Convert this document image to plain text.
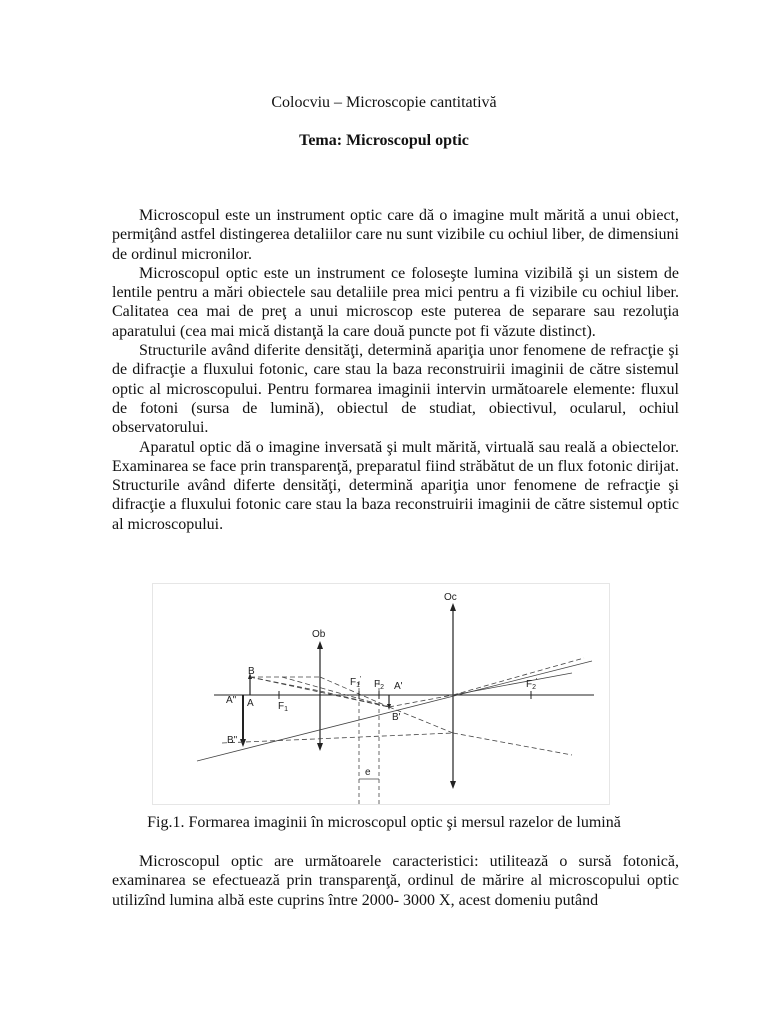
Colocviu – Microscopie cantitativă
Tema: Microscopul optic

Microscopul este un instrument optic care dă o imagine mult mărită a unui obiect, permiţând astfel distingerea detaliilor care nu sunt vizibile cu ochiul liber, de dimensiuni de ordinul micronilor.

Microscopul optic este un instrument ce foloseşte lumina vizibilă şi un sistem de lentile pentru a mări obiectele sau detaliile prea mici pentru a fi vizibile cu ochiul liber. Calitatea cea mai de preţ a unui microscop este puterea de separare sau rezoluţia aparatului (cea mai mică distanţă la care două puncte pot fi văzute distinct).

Structurile având diferite densităţi, determină apariţia unor fenomene de refracţie şi de difracţie a fluxului fotonic, care stau la baza reconstruirii imaginii de către sistemul optic al microscopului. Pentru formarea imaginii intervin următoarele elemente: fluxul de fotoni (sursa de lumină), obiectul de studiat, obiectivul, ocularul, ochiul observatorului.

Aparatul optic dă o imagine inversată şi mult mărită, virtuală sau reală a obiectelor. Examinarea se face prin transparenţă, preparatul fiind străbătut de un flux fotonic dirijat. Structurile având diferte densităţi, determină apariţia unor fenomene de refracţie şi difracţie a fluxului fotonic care stau la baza reconstruirii imaginii de către sistemul optic al microscopului.

Oc
Ob
B
A" A $F_1$
$F_1'$ $F_2$ A'
B'
B"
$F_2'$
e

Fig.1. Formarea imaginii în microscopul optic şi mersul razelor de lumină

Microscopul optic are următoarele caracteristici: utilitează o sursă fotonică, examinarea se efectuează prin transparenţă, ordinul de mărire al microscopului optic utilizînd lumina albă este cuprins între 2000- 3000 X, acest domeniu putând
